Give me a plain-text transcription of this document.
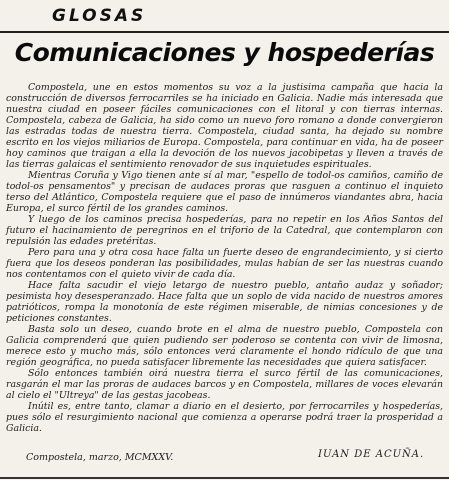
GLOSAS
Comunicaciones y hospederías

Compostela, une en estos momentos su voz a la justisima campaña que hacia la construcción de diversos ferrocarriles se ha iniciado en Galicia. Nadie más interesada que nuestra ciudad en poseer fáciles comunicaciones con el litoral y con tierras internas. Compostela, cabeza de Galicia, ha sido como un nuevo foro romano a donde convergieron las estradas todas de nuestra tierra. Compostela, ciudad santa, ha dejado su nombre escrito en los viejos miliarios de Europa. Compostela, para continuar en vida, ha de poseer hoy caminos que traigan a ella la devoción de los nuevos jacobipetas y lleven a través de las tierras galaicas el sentimiento renovador de sus inquietudes espirituales.

Mientras Coruña y Vigo tienen ante sí al mar, "espello de todol-os camiños, camiño de todol-os pensamentos" y precisan de audaces proras que rasguen a continuo el inquieto terso del Atlántico, Compostela requiere que el paso de innúmeros viandantes abra, hacia Europa, el surco fértil de los grandes caminos.

Y luego de los caminos precisa hospederías, para no repetir en los Años Santos del futuro el hacinamiento de peregrinos en el triforio de la Catedral, que contemplaron con repulsión las edades pretéritas.

Pero para una y otra cosa hace falta un fuerte deseo de engrandecimiento, y si cierto fuera que los deseos ponderan las posibilidades, mulas habían de ser las nuestras cuando nos contentamos con el quieto vivir de cada día.

Hace falta sacudir el viejo letargo de nuestro pueblo, antaño audaz y soñador; pesimista hoy desesperanzado. Hace falta que un soplo de vida nacido de nuestros amores patrióticos, rompa la monotonía de este régimen miserable, de nimias concesiones y de peticiones constantes.

Basta solo un deseo, cuando brote en el alma de nuestro pueblo, Compostela con Galicia comprenderá que quien pudiendo ser poderoso se contenta con vivir de limosna, merece esto y mucho más, sólo entonces verá claramente el hondo ridículo de que una región geográfica, no pueda satisfacer libremente las necesidades que quiera satisfacer.

Sólo entonces también oirá nuestra tierra el surco fértil de las comunicaciones, rasgarán el mar las proras de audaces barcos y en Compostela, millares de voces elevarán al cielo el "Ultreya" de las gestas jacobeas.

Inútil es, entre tanto, clamar a diario en el desierto, por ferrocarriles y hospederías, pues sólo el resurgimiento nacional que comienza a operarse podrá traer la prosperidad a Galicia.

Compostela, marzo, MCMXXV.	IUAN DE ACUÑA.
